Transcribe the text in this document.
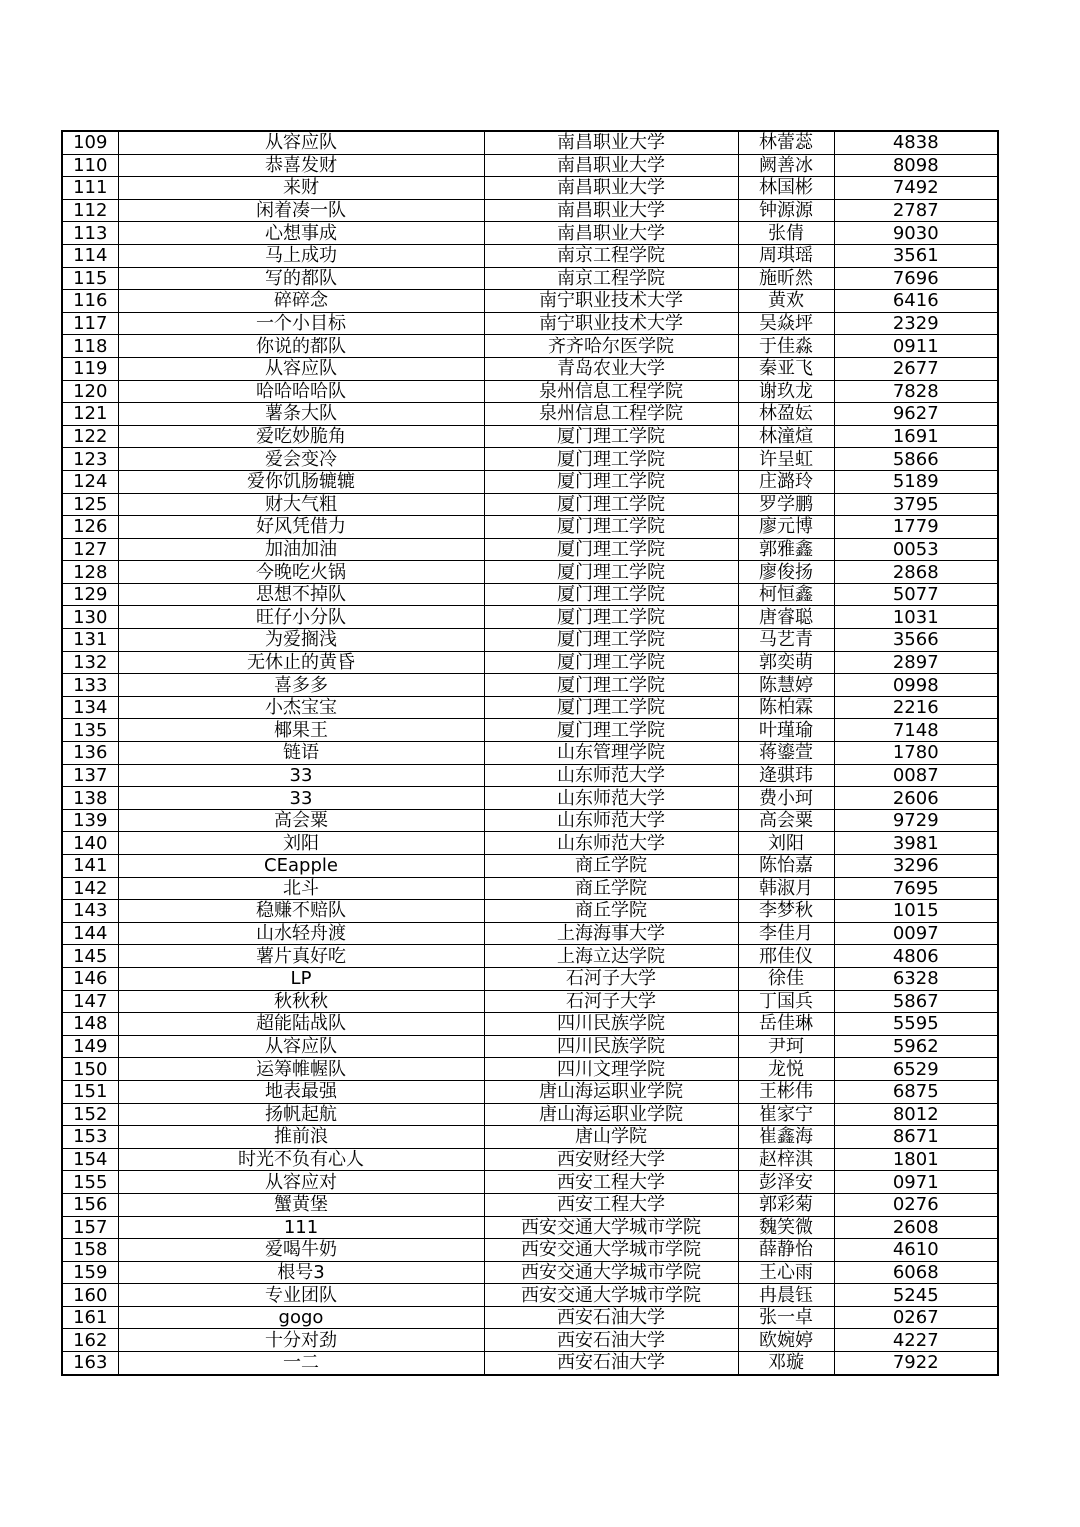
109	从容应队	南昌职业大学	林蕾蕊	4838
110	恭喜发财	南昌职业大学	阙善冰	8098
111	来财	南昌职业大学	林国彬	7492
112	闲着凑一队	南昌职业大学	钟源源	2787
113	心想事成	南昌职业大学	张倩	9030
114	马上成功	南京工程学院	周琪瑶	3561
115	写的都队	南京工程学院	施昕然	7696
116	碎碎念	南宁职业技术大学	黄欢	6416
117	一个小目标	南宁职业技术大学	吴焱坪	2329
118	你说的都队	齐齐哈尔医学院	于佳淼	0911
119	从容应队	青岛农业大学	秦亚飞	2677
120	哈哈哈哈队	泉州信息工程学院	谢玖龙	7828
121	薯条大队	泉州信息工程学院	林盈妘	9627
122	爱吃妙脆角	厦门理工学院	林潼煊	1691
123	爱会变冷	厦门理工学院	许呈虹	5866
124	爱你饥肠辘辘	厦门理工学院	庄潞玲	5189
125	财大气粗	厦门理工学院	罗学鹏	3795
126	好风凭借力	厦门理工学院	廖元博	1779
127	加油加油	厦门理工学院	郭雅鑫	0053
128	今晚吃火锅	厦门理工学院	廖俊扬	2868
129	思想不掉队	厦门理工学院	柯恒鑫	5077
130	旺仔小分队	厦门理工学院	唐睿聪	1031
131	为爱搁浅	厦门理工学院	马艺青	3566
132	无休止的黄昏	厦门理工学院	郭奕萌	2897
133	喜多多	厦门理工学院	陈慧婷	0998
134	小杰宝宝	厦门理工学院	陈柏霖	2216
135	椰果王	厦门理工学院	叶瑾瑜	7148
136	链语	山东管理学院	蒋鎏萱	1780
137	33	山东师范大学	逄骐玮	0087
138	33	山东师范大学	费小珂	2606
139	高会粟	山东师范大学	高会粟	9729
140	刘阳	山东师范大学	刘阳	3981
141	CEapple	商丘学院	陈怡嘉	3296
142	北斗	商丘学院	韩淑月	7695
143	稳赚不赔队	商丘学院	李梦秋	1015
144	山水轻舟渡	上海海事大学	李佳月	0097
145	薯片真好吃	上海立达学院	邢佳仪	4806
146	LP	石河子大学	徐佳	6328
147	秋秋秋	石河子大学	丁国兵	5867
148	超能陆战队	四川民族学院	岳佳琳	5595
149	从容应队	四川民族学院	尹珂	5962
150	运筹帷幄队	四川文理学院	龙悦	6529
151	地表最强	唐山海运职业学院	王彬伟	6875
152	扬帆起航	唐山海运职业学院	崔家宁	8012
153	推前浪	唐山学院	崔鑫海	8671
154	时光不负有心人	西安财经大学	赵梓淇	1801
155	从容应对	西安工程大学	彭泽安	0971
156	蟹黄堡	西安工程大学	郭彩菊	0276
157	111	西安交通大学城市学院	魏笑微	2608
158	爱喝牛奶	西安交通大学城市学院	薛静怡	4610
159	根号3	西安交通大学城市学院	王心雨	6068
160	专业团队	西安交通大学城市学院	冉晨钰	5245
161	gogo	西安石油大学	张一卓	0267
162	十分对劲	西安石油大学	欧婉婷	4227
163	一二	西安石油大学	邓璇	7922
